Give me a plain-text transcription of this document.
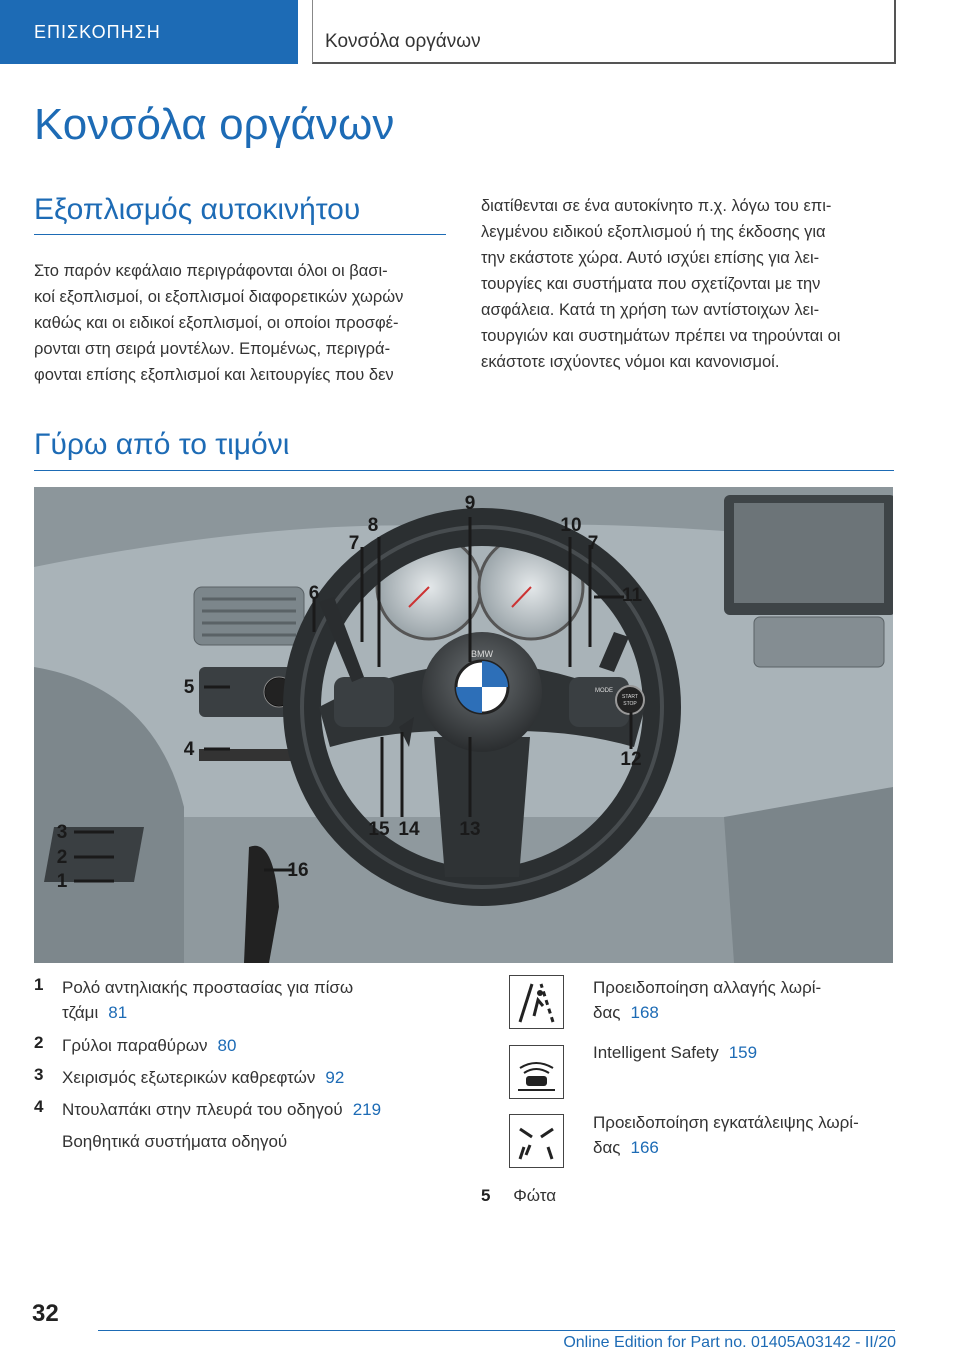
ΕΠΙΣΚΟΠΗΣΗ	Κονσόλα οργάνων
Κονσόλα οργάνων
Εξοπλισμός αυτοκινήτου
Στο παρόν κεφάλαιο περιγράφονται όλοι οι βασι‐
κοί εξοπλισμοί, οι εξοπλισμοί διαφορετικών χωρών
καθώς και οι ειδικοί εξοπλισμοί, οι οποίοι προσφέ‐
ρονται στη σειρά μοντέλων. Επομένως, περιγρά‐
φονται επίσης εξοπλισμοί και λειτουργίες που δεν
διατίθενται σε ένα αυτοκίνητο π.χ. λόγω του επι‐
λεγμένου ειδικού εξοπλισμού ή της έκδοσης για
την εκάστοτε χώρα. Αυτό ισχύει επίσης για λει‐
τουργίες και συστήματα που σχετίζονται με την
ασφάλεια. Κατά τη χρήση των αντίστοιχων λει‐
τουργιών και συστημάτων πρέπει να τηρούνται οι
εκάστοτε ισχύοντες νόμοι και κανονισμοί.
Γύρω από το τιμόνι
BMW
START
STOP
MODE
9
8
7
10
7
6	11
12
5
4
3
2
1
13
14
15
16
1 Ρολό αντηλιακής προστασίας για πίσω
τζάμι 81
2 Γρύλοι παραθύρων 80
3 Χειρισμός εξωτερικών καθρεφτών 92
4 Ντουλαπάκι στην πλευρά του οδηγού 219
Βοηθητικά συστήματα οδηγού
Προειδοποίηση αλλαγής λωρί‐
δας 168
Intelligent Safety 159
Προειδοποίηση εγκατάλειψης λωρί‐
δας 166
5 Φώτα
32
Online Edition for Part no. 01405A03142 - II/20
